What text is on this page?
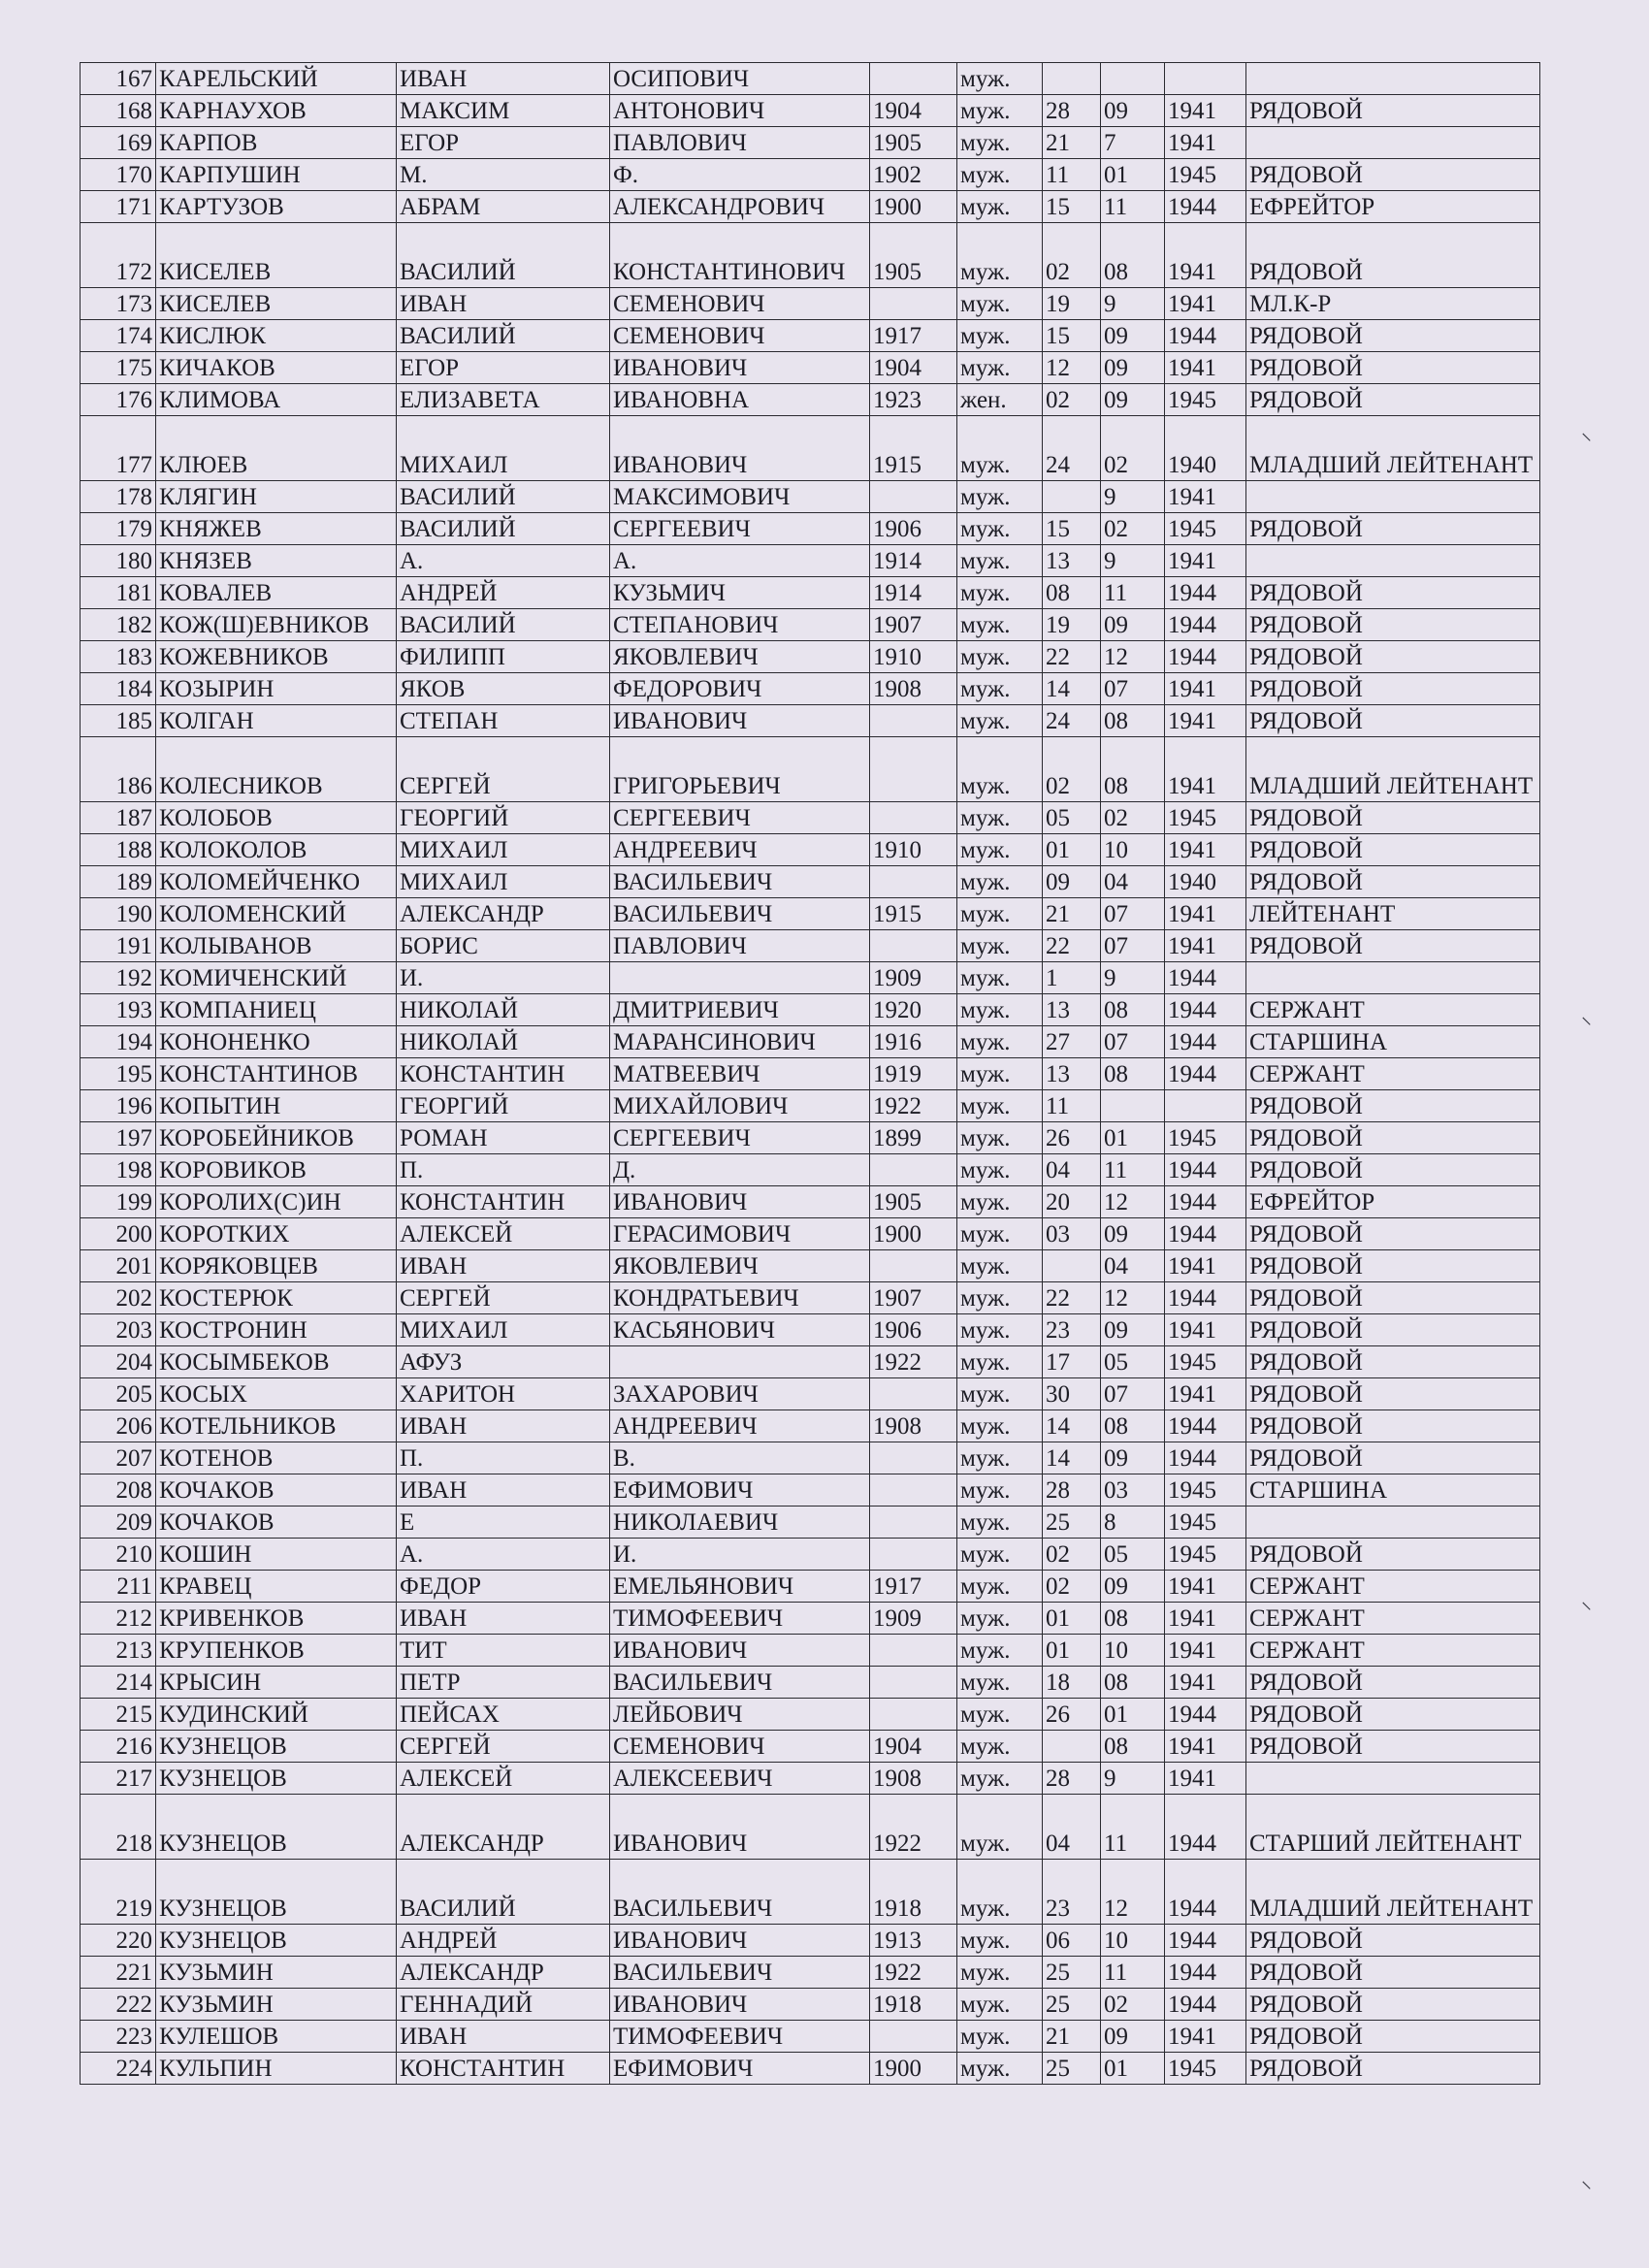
167	КАРЕЛЬСКИЙ	ИВАН	ОСИПОВИЧ		муж.				
168	КАРНАУХОВ	МАКСИМ	АНТОНОВИЧ	1904	муж.	28	09	1941	РЯДОВОЙ
169	КАРПОВ	ЕГОР	ПАВЛОВИЧ	1905	муж.	21	7	1941	
170	КАРПУШИН	М.	Ф.	1902	муж.	11	01	1945	РЯДОВОЙ
171	КАРТУЗОВ	АБРАМ	АЛЕКСАНДРОВИЧ	1900	муж.	15	11	1944	ЕФРЕЙТОР
172	КИСЕЛЕВ	ВАСИЛИЙ	КОНСТАНТИНОВИЧ	1905	муж.	02	08	1941	РЯДОВОЙ
173	КИСЕЛЕВ	ИВАН	СЕМЕНОВИЧ		муж.	19	9	1941	МЛ.К-Р
174	КИСЛЮК	ВАСИЛИЙ	СЕМЕНОВИЧ	1917	муж.	15	09	1944	РЯДОВОЙ
175	КИЧАКОВ	ЕГОР	ИВАНОВИЧ	1904	муж.	12	09	1941	РЯДОВОЙ
176	КЛИМОВА	ЕЛИЗАВЕТА	ИВАНОВНА	1923	жен.	02	09	1945	РЯДОВОЙ
177	КЛЮЕВ	МИХАИЛ	ИВАНОВИЧ	1915	муж.	24	02	1940	МЛАДШИЙ ЛЕЙТЕНАНТ
178	КЛЯГИН	ВАСИЛИЙ	МАКСИМОВИЧ		муж.		9	1941	
179	КНЯЖЕВ	ВАСИЛИЙ	СЕРГЕЕВИЧ	1906	муж.	15	02	1945	РЯДОВОЙ
180	КНЯЗЕВ	А.	А.	1914	муж.	13	9	1941	
181	КОВАЛЕВ	АНДРЕЙ	КУЗЬМИЧ	1914	муж.	08	11	1944	РЯДОВОЙ
182	КОЖ(Ш)ЕВНИКОВ	ВАСИЛИЙ	СТЕПАНОВИЧ	1907	муж.	19	09	1944	РЯДОВОЙ
183	КОЖЕВНИКОВ	ФИЛИПП	ЯКОВЛЕВИЧ	1910	муж.	22	12	1944	РЯДОВОЙ
184	КОЗЫРИН	ЯКОВ	ФЕДОРОВИЧ	1908	муж.	14	07	1941	РЯДОВОЙ
185	КОЛГАН	СТЕПАН	ИВАНОВИЧ		муж.	24	08	1941	РЯДОВОЙ
186	КОЛЕСНИКОВ	СЕРГЕЙ	ГРИГОРЬЕВИЧ		муж.	02	08	1941	МЛАДШИЙ ЛЕЙТЕНАНТ
187	КОЛОБОВ	ГЕОРГИЙ	СЕРГЕЕВИЧ		муж.	05	02	1945	РЯДОВОЙ
188	КОЛОКОЛОВ	МИХАИЛ	АНДРЕЕВИЧ	1910	муж.	01	10	1941	РЯДОВОЙ
189	КОЛОМЕЙЧЕНКО	МИХАИЛ	ВАСИЛЬЕВИЧ		муж.	09	04	1940	РЯДОВОЙ
190	КОЛОМЕНСКИЙ	АЛЕКСАНДР	ВАСИЛЬЕВИЧ	1915	муж.	21	07	1941	ЛЕЙТЕНАНТ
191	КОЛЫВАНОВ	БОРИС	ПАВЛОВИЧ		муж.	22	07	1941	РЯДОВОЙ
192	КОМИЧЕНСКИЙ	И.		1909	муж.	1	9	1944	
193	КОМПАНИЕЦ	НИКОЛАЙ	ДМИТРИЕВИЧ	1920	муж.	13	08	1944	СЕРЖАНТ
194	КОНОНЕНКО	НИКОЛАЙ	МАРАНСИНОВИЧ	1916	муж.	27	07	1944	СТАРШИНА
195	КОНСТАНТИНОВ	КОНСТАНТИН	МАТВЕЕВИЧ	1919	муж.	13	08	1944	СЕРЖАНТ
196	КОПЫТИН	ГЕОРГИЙ	МИХАЙЛОВИЧ	1922	муж.	11			РЯДОВОЙ
197	КОРОБЕЙНИКОВ	РОМАН	СЕРГЕЕВИЧ	1899	муж.	26	01	1945	РЯДОВОЙ
198	КОРОВИКОВ	П.	Д.		муж.	04	11	1944	РЯДОВОЙ
199	КОРОЛИХ(С)ИН	КОНСТАНТИН	ИВАНОВИЧ	1905	муж.	20	12	1944	ЕФРЕЙТОР
200	КОРОТКИХ	АЛЕКСЕЙ	ГЕРАСИМОВИЧ	1900	муж.	03	09	1944	РЯДОВОЙ
201	КОРЯКОВЦЕВ	ИВАН	ЯКОВЛЕВИЧ		муж.		04	1941	РЯДОВОЙ
202	КОСТЕРЮК	СЕРГЕЙ	КОНДРАТЬЕВИЧ	1907	муж.	22	12	1944	РЯДОВОЙ
203	КОСТРОНИН	МИХАИЛ	КАСЬЯНОВИЧ	1906	муж.	23	09	1941	РЯДОВОЙ
204	КОСЫМБЕКОВ	АФУЗ		1922	муж.	17	05	1945	РЯДОВОЙ
205	КОСЫХ	ХАРИТОН	ЗАХАРОВИЧ		муж.	30	07	1941	РЯДОВОЙ
206	КОТЕЛЬНИКОВ	ИВАН	АНДРЕЕВИЧ	1908	муж.	14	08	1944	РЯДОВОЙ
207	КОТЕНОВ	П.	В.		муж.	14	09	1944	РЯДОВОЙ
208	КОЧАКОВ	ИВАН	ЕФИМОВИЧ		муж.	28	03	1945	СТАРШИНА
209	КОЧАКОВ	Е	НИКОЛАЕВИЧ		муж.	25	8	1945	
210	КОШИН	А.	И.		муж.	02	05	1945	РЯДОВОЙ
211	КРАВЕЦ	ФЕДОР	ЕМЕЛЬЯНОВИЧ	1917	муж.	02	09	1941	СЕРЖАНТ
212	КРИВЕНКОВ	ИВАН	ТИМОФЕЕВИЧ	1909	муж.	01	08	1941	СЕРЖАНТ
213	КРУПЕНКОВ	ТИТ	ИВАНОВИЧ		муж.	01	10	1941	СЕРЖАНТ
214	КРЫСИН	ПЕТР	ВАСИЛЬЕВИЧ		муж.	18	08	1941	РЯДОВОЙ
215	КУДИНСКИЙ	ПЕЙСАХ	ЛЕЙБОВИЧ		муж.	26	01	1944	РЯДОВОЙ
216	КУЗНЕЦОВ	СЕРГЕЙ	СЕМЕНОВИЧ	1904	муж.		08	1941	РЯДОВОЙ
217	КУЗНЕЦОВ	АЛЕКСЕЙ	АЛЕКСЕЕВИЧ	1908	муж.	28	9	1941	
218	КУЗНЕЦОВ	АЛЕКСАНДР	ИВАНОВИЧ	1922	муж.	04	11	1944	СТАРШИЙ ЛЕЙТЕНАНТ
219	КУЗНЕЦОВ	ВАСИЛИЙ	ВАСИЛЬЕВИЧ	1918	муж.	23	12	1944	МЛАДШИЙ ЛЕЙТЕНАНТ
220	КУЗНЕЦОВ	АНДРЕЙ	ИВАНОВИЧ	1913	муж.	06	10	1944	РЯДОВОЙ
221	КУЗЬМИН	АЛЕКСАНДР	ВАСИЛЬЕВИЧ	1922	муж.	25	11	1944	РЯДОВОЙ
222	КУЗЬМИН	ГЕННАДИЙ	ИВАНОВИЧ	1918	муж.	25	02	1944	РЯДОВОЙ
223	КУЛЕШОВ	ИВАН	ТИМОФЕЕВИЧ		муж.	21	09	1941	РЯДОВОЙ
224	КУЛЬПИН	КОНСТАНТИН	ЕФИМОВИЧ	1900	муж.	25	01	1945	РЯДОВОЙ
⸜
⸜
⸜
⸜
